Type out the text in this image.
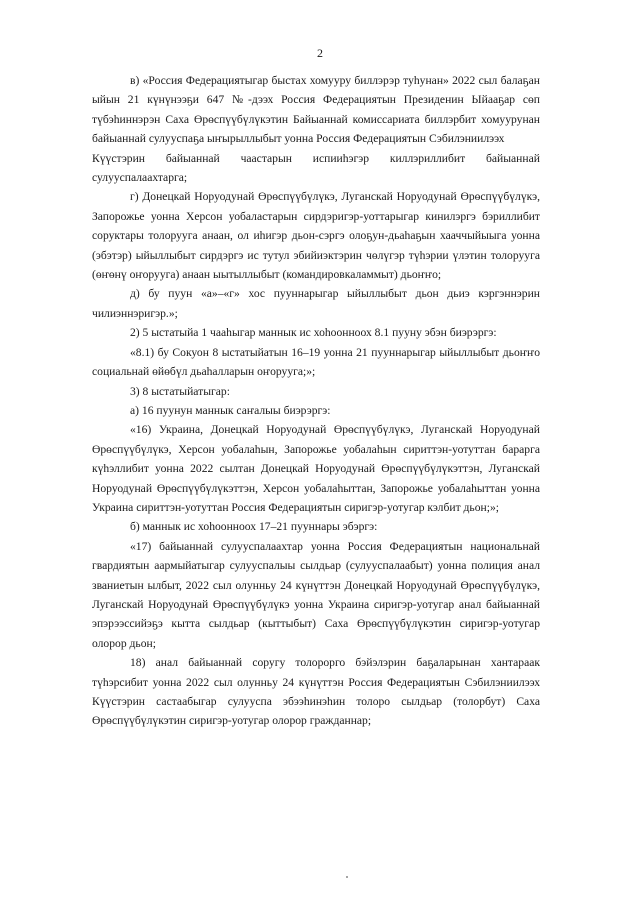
2

в) «Россия Федерациятыгар быстах хомууру биллэрэр туһунан» 2022 сыл балаҕан ыйын 21 күнүнээҕи 647 №-дээх Россия Федерациятын Президенин Ыйааҕар сөп түбэһиннэрэн Саха Өрөспүүбүлүкэтин Байыаннай комиссариата биллэрбит хомуурунан байыаннай сулууспаҕа ыҥырыллыбыт уонна Россия Федерациятын Сэбилэниилээх

Күүстэрин байыаннай чаастарын испииһэгэр киллэриллибит байыаннай
сулууспалаахтарга;

г) Донецкай Норуодунай Өрөспүүбүлүкэ, Луганскай Норуодунай Өрөспүүбүлүкэ, Запорожье уонна Херсон уобаластарын сирдэригэр-уоттарыгар кинилэргэ бэриллибит соруктары толорууга анаан, ол иһигэр дьон-сэргэ олоҕун-дьаһаҕын хааччыйыыга уонна (эбэтэр) ыйыллыбыт сирдэргэ ис тутул эбийиэктэрин чөлүгэр түһэрии үлэтин толорууга (өҥөнү оҥорууга) анаан ыытыллыбыт (командировкаламмыт) дьоҥҥо;

д) бу пуун «а»–«г» хос пууннарыгар ыйыллыбыт дьон дьиэ кэргэннэрин чилиэннэригэр.»;

2) 5 ыстатыйа 1 чааһыгар маннык ис хоһоонноох 8.1 пууну эбэн биэрэргэ:

«8.1) бу Сокуон 8 ыстатыйатын 16–19 уонна 21 пууннарыгар ыйыллыбыт дьоҥҥо социальнай өйөбүл дьаһалларын оҥорууга;»;

3) 8 ыстатыйатыгар:

а) 16 пуунун маннык саҥалыы биэрэргэ:

«16) Украина, Донецкай Норуодунай Өрөспүүбүлүкэ, Луганскай Норуодунай Өрөспүүбүлүкэ, Херсон уобалаһын, Запорожье уобалаһын сириттэн-уотуттан барарга күһэллибит уонна 2022 сылтан Донецкай Норуодунай Өрөспүүбүлүкэттэн, Луганскай Норуодунай Өрөспүүбүлүкэттэн, Херсон уобалаһыттан, Запорожье уобалаһыттан уонна Украина сириттэн-уотуттан Россия Федерациятын сиригэр-уотугар кэлбит дьон;»;

б) маннык ис хоһоонноох 17–21 пууннары эбэргэ:

«17) байыаннай сулууспалаахтар уонна Россия Федерациятын национальнай гвардиятын аармыйатыгар сулууспалыы сылдьар (сулууспалаабыт) уонна полиция анал званиетын ылбыт, 2022 сыл олунньу 24 күнүттэн Донецкай Норуодунай Өрөспүүбүлүкэ, Луганскай Норуодунай Өрөспүүбүлүкэ уонна Украина сиригэр-уотугар анал байыаннай эпэрээссийэҕэ кыттa сылдьар (кыттыбыт) Саха Өрөспүүбүлүкэтин сиригэр-уотугар олорор дьон;

18) анал байыаннай соругу толорорго бэйэлэрин баҕаларынан хантараак түһэрсибит уонна 2022 сыл олунньу 24 күнүттэн Россия Федерациятын Сэбилэниилээх Күүстэрин састаабыгар сулууспа эбээһинэһин толоро сылдьар (толорбут) Саха Өрөспүүбүлүкэтин сиригэр-уотугар олорор гражданнар;
